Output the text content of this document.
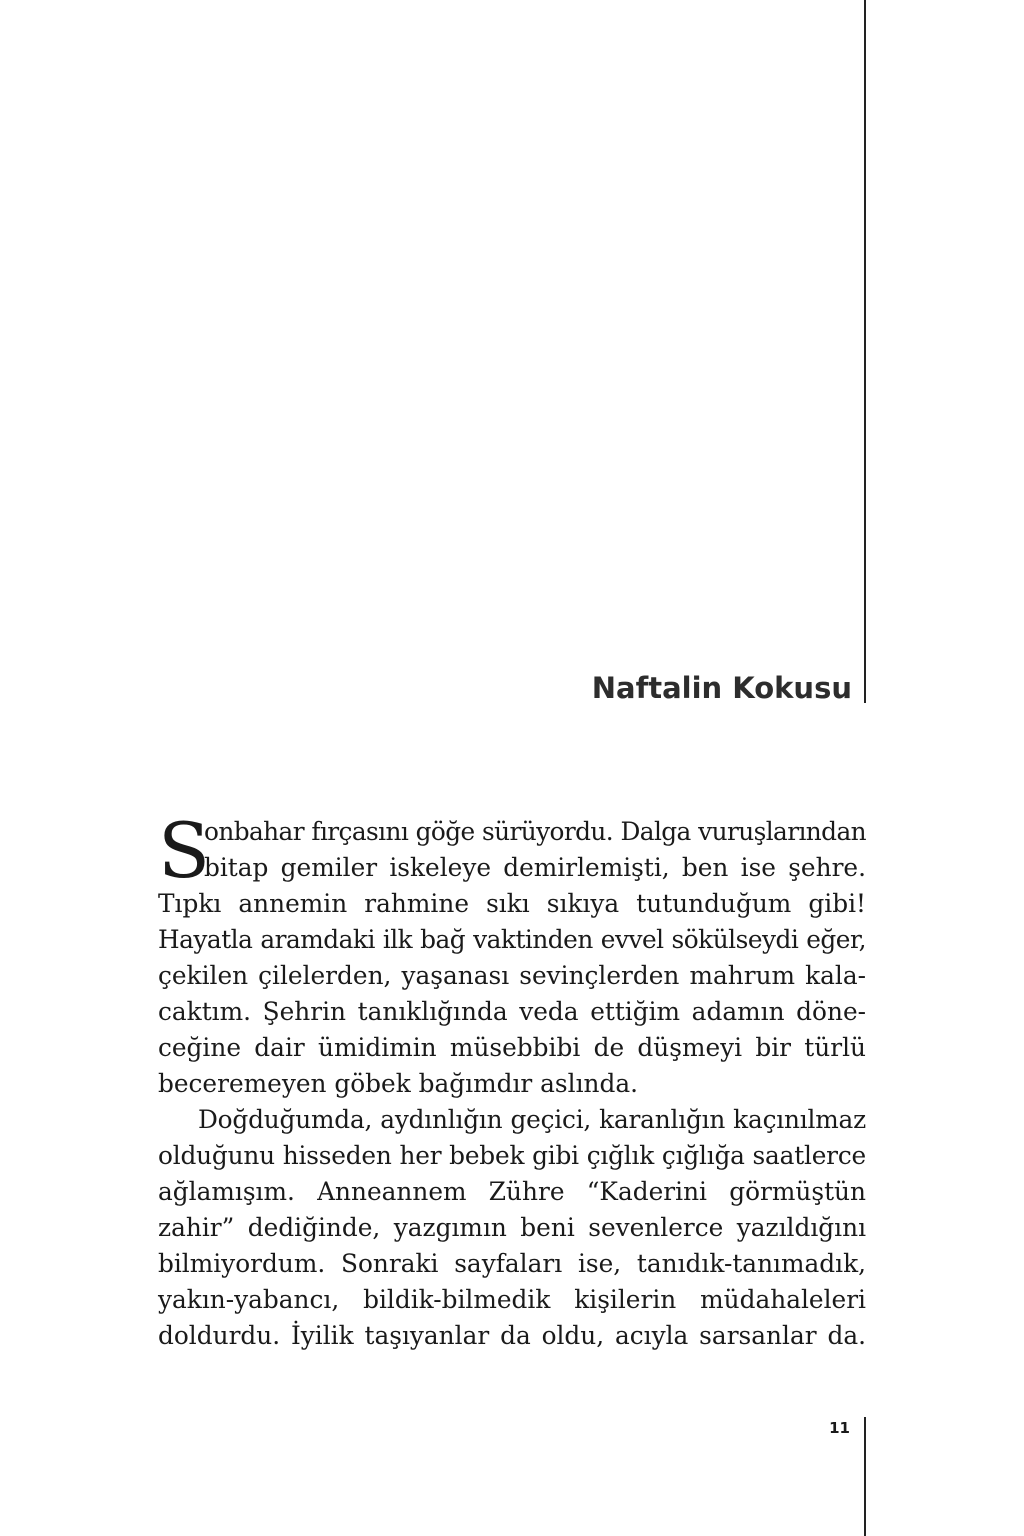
Naftalin Kokusu

S
onbahar fırçasını göğe sürüyordu. Dalga vuruşlarından
bitap gemiler iskeleye demirlemişti, ben ise şehre.
Tıpkı annemin rahmine sıkı sıkıya tutunduğum gibi!
Hayatla aramdaki ilk bağ vaktinden evvel sökülseydi eğer,
çekilen çilelerden, yaşanası sevinçlerden mahrum kala-
caktım. Şehrin tanıklığında veda ettiğim adamın döne-
ceğine dair ümidimin müsebbibi de düşmeyi bir türlü
beceremeyen göbek bağımdır aslında.

Doğduğumda, aydınlığın geçici, karanlığın kaçınılmaz
olduğunu hisseden her bebek gibi çığlık çığlığa saatlerce
ağlamışım. Anneannem Zühre “Kaderini görmüştün
zahir” dediğinde, yazgımın beni sevenlerce yazıldığını
bilmiyordum. Sonraki sayfaları ise, tanıdık-tanımadık,
yakın-yabancı, bildik-bilmedik kişilerin müdahaleleri
doldurdu. İyilik taşıyanlar da oldu, acıyla sarsanlar da.

11
